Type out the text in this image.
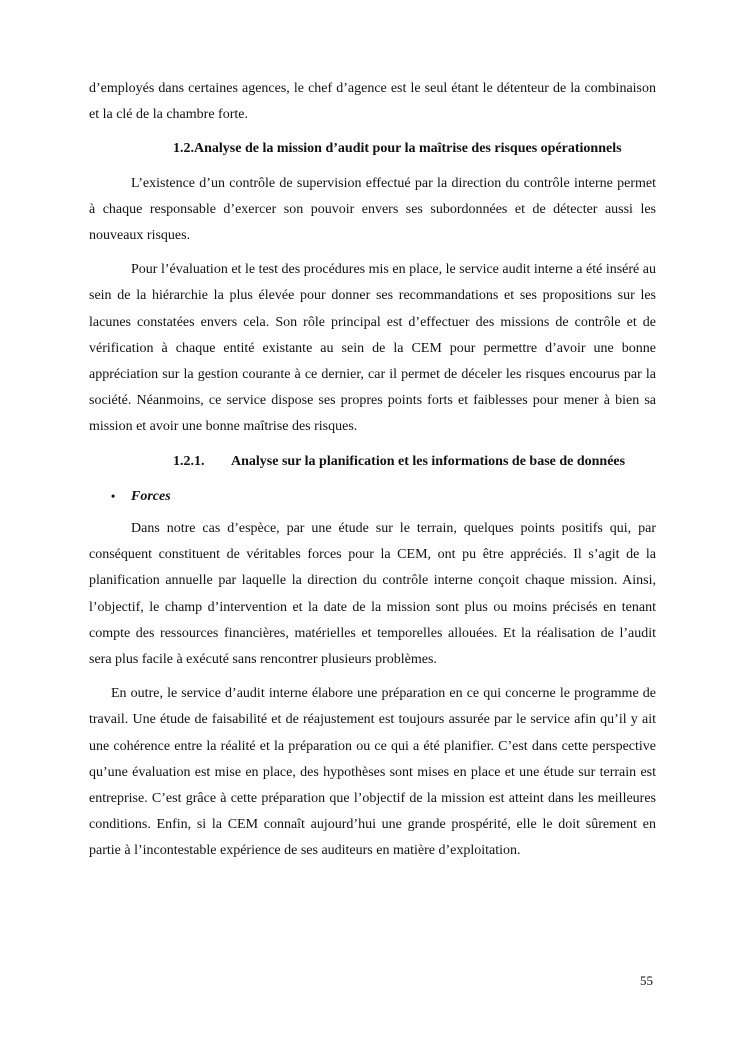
d’employés dans certaines agences, le chef d’agence est le seul étant le détenteur de la combinaison et la clé de la chambre forte.

1.2.Analyse de la mission d’audit pour la maîtrise des risques opérationnels

L’existence d’un contrôle de supervision effectué par la direction du contrôle interne permet à chaque responsable d’exercer son pouvoir envers ses subordonnées et de détecter aussi les nouveaux risques.

Pour l’évaluation et le test des procédures mis en place, le service audit interne a été inséré au sein de la hiérarchie la plus élevée pour donner ses recommandations et ses propositions sur les lacunes constatées envers cela. Son rôle principal est d’effectuer des missions de contrôle et de vérification à chaque entité existante au sein de la CEM pour permettre d’avoir une bonne appréciation sur la gestion courante à ce dernier, car il permet de déceler les risques encourus par la société. Néanmoins, ce service dispose ses propres points forts et faiblesses pour mener à bien sa mission et avoir une bonne maîtrise des risques.

1.2.1. Analyse sur la planification et les informations de base de données
• Forces

Dans notre cas d’espèce, par une étude sur le terrain, quelques points positifs qui, par conséquent constituent de véritables forces pour la CEM, ont pu être appréciés. Il s’agit de la planification annuelle par laquelle la direction du contrôle interne conçoit chaque mission. Ainsi, l’objectif, le champ d’intervention et la date de la mission sont plus ou moins précisés en tenant compte des ressources financières, matérielles et temporelles allouées. Et la réalisation de l’audit sera plus facile à exécuté sans rencontrer plusieurs problèmes.

En outre, le service d’audit interne élabore une préparation en ce qui concerne le programme de travail. Une étude de faisabilité et de réajustement est toujours assurée par le service afin qu’il y ait une cohérence entre la réalité et la préparation ou ce qui a été planifier. C’est dans cette perspective qu’une évaluation est mise en place, des hypothèses sont mises en place et une étude sur terrain est entreprise. C’est grâce à cette préparation que l’objectif de la mission est atteint dans les meilleures conditions. Enfin, si la CEM connaît aujourd’hui une grande prospérité, elle le doit sûrement en partie à l’incontestable expérience de ses auditeurs en matière d’exploitation.

55
